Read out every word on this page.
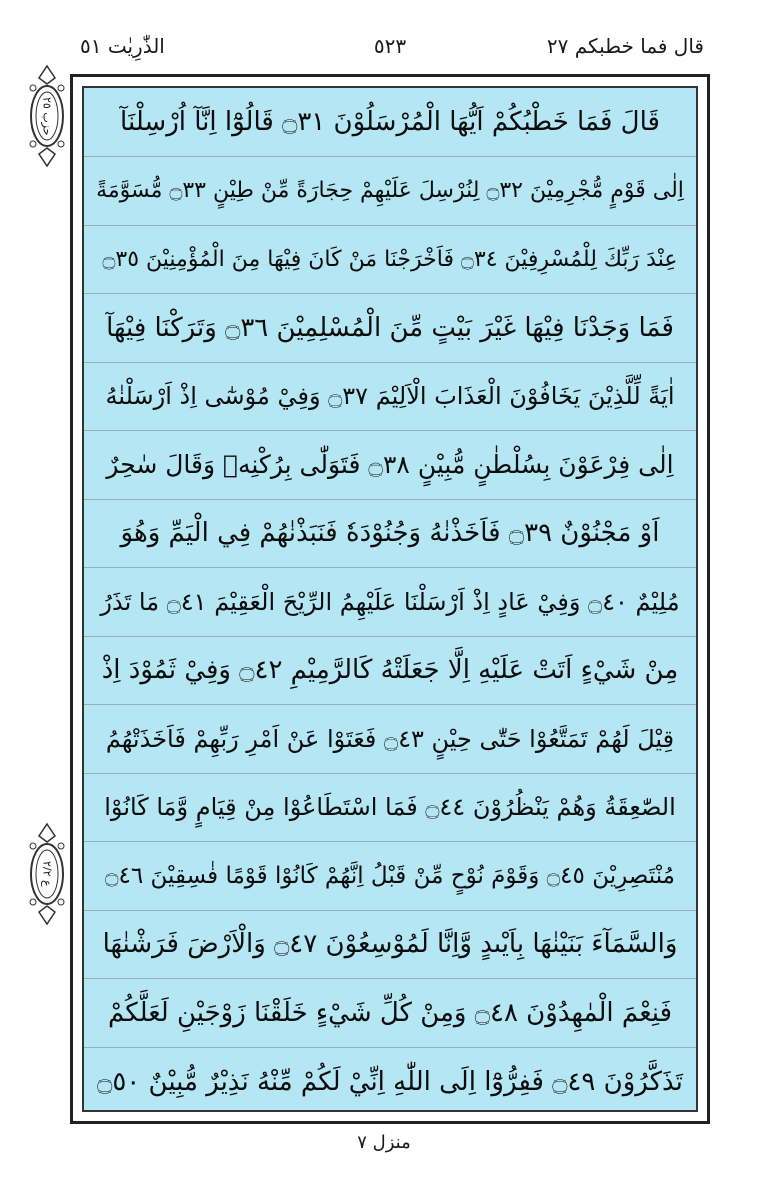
الذّٰرِيٰت ٥١	٥٢٣	قال فما خطبكم ٢٧
حزب ٢٥
ع ٢/٢
قَالَ فَمَا خَطْبُكُمْ اَيُّهَا الْمُرْسَلُوْنَ ۝٣١ قَالُوْٓا اِنَّآ اُرْسِلْنَآ
اِلٰى قَوْمٍ مُّجْرِمِيْنَ ۝٣٢ لِنُرْسِلَ عَلَيْهِمْ حِجَارَةً مِّنْ طِيْنٍ ۝٣٣ مُّسَوَّمَةً
عِنْدَ رَبِّكَ لِلْمُسْرِفِيْنَ ۝٣٤ فَاَخْرَجْنَا مَنْ كَانَ فِيْهَا مِنَ الْمُؤْمِنِيْنَ ۝٣٥
فَمَا وَجَدْنَا فِيْهَا غَيْرَ بَيْتٍ مِّنَ الْمُسْلِمِيْنَ ۝٣٦ وَتَرَكْنَا فِيْهَآ
اٰيَةً لِّلَّذِيْنَ يَخَافُوْنَ الْعَذَابَ الْاَلِيْمَ ۝٣٧ وَفِيْ مُوْسٰٓى اِذْ اَرْسَلْنٰهُ
اِلٰى فِرْعَوْنَ بِسُلْطٰنٍ مُّبِيْنٍ ۝٣٨ فَتَوَلّٰى بِرُكْنِهٖ وَقَالَ سٰحِرٌ
اَوْ مَجْنُوْنٌ ۝٣٩ فَاَخَذْنٰهُ وَجُنُوْدَهٗ فَنَبَذْنٰهُمْ فِي الْيَمِّ وَهُوَ
مُلِيْمٌ ۝٤٠ وَفِيْ عَادٍ اِذْ اَرْسَلْنَا عَلَيْهِمُ الرِّيْحَ الْعَقِيْمَ ۝٤١ مَا تَذَرُ
مِنْ شَيْءٍ اَتَتْ عَلَيْهِ اِلَّا جَعَلَتْهُ كَالرَّمِيْمِ ۝٤٢ وَفِيْ ثَمُوْدَ اِذْ
قِيْلَ لَهُمْ تَمَتَّعُوْا حَتّٰى حِيْنٍ ۝٤٣ فَعَتَوْا عَنْ اَمْرِ رَبِّهِمْ فَاَخَذَتْهُمُ
الصّٰعِقَةُ وَهُمْ يَنْظُرُوْنَ ۝٤٤ فَمَا اسْتَطَاعُوْا مِنْ قِيَامٍ وَّمَا كَانُوْا
مُنْتَصِرِيْنَ ۝٤٥ وَقَوْمَ نُوْحٍ مِّنْ قَبْلُ اِنَّهُمْ كَانُوْا قَوْمًا فٰسِقِيْنَ ۝٤٦
وَالسَّمَآءَ بَنَيْنٰهَا بِاَيْىدٍ وَّاِنَّا لَمُوْسِعُوْنَ ۝٤٧ وَالْاَرْضَ فَرَشْنٰهَا
فَنِعْمَ الْمٰهِدُوْنَ ۝٤٨ وَمِنْ كُلِّ شَيْءٍ خَلَقْنَا زَوْجَيْنِ لَعَلَّكُمْ
تَذَكَّرُوْنَ ۝٤٩ فَفِرُّوْٓا اِلَى اللّٰهِ اِنِّيْ لَكُمْ مِّنْهُ نَذِيْرٌ مُّبِيْنٌ ۝٥٠
منزل ٧
